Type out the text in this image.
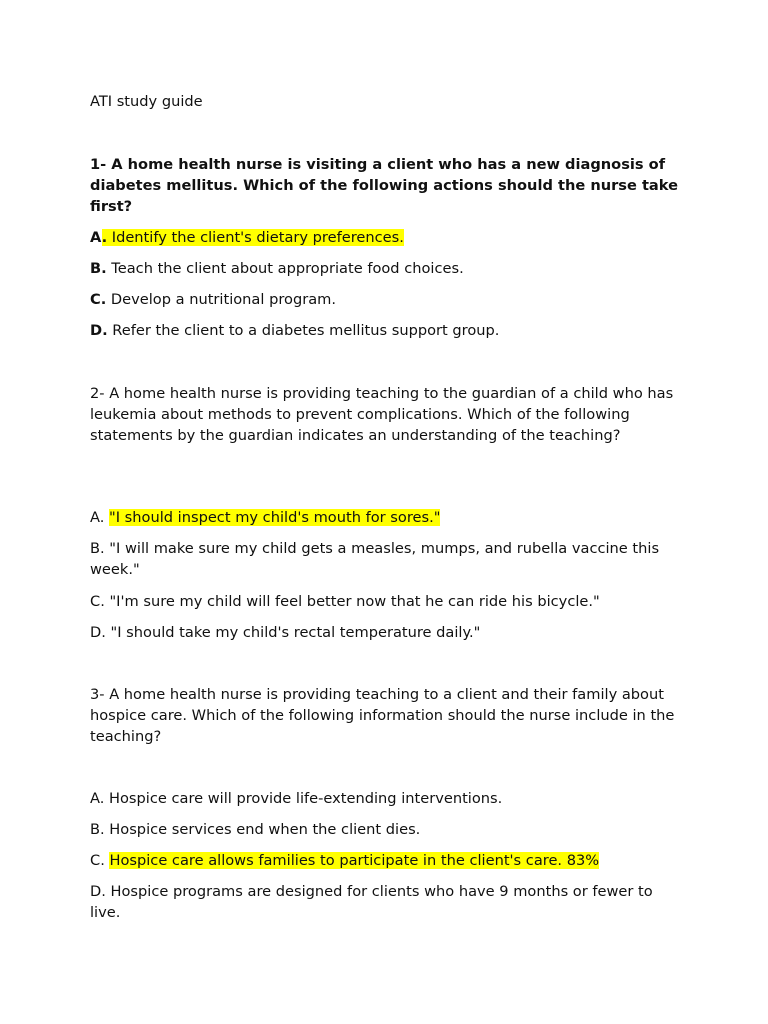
ATI study guide
1- A home health nurse is visiting a client who has a new diagnosis of diabetes mellitus. Which of the following actions should the nurse take first?
A. Identify the client's dietary preferences.
B. Teach the client about appropriate food choices.
C. Develop a nutritional program.
D. Refer the client to a diabetes mellitus support group.
2- A home health nurse is providing teaching to the guardian of a child who has leukemia about methods to prevent complications. Which of the following statements by the guardian indicates an understanding of the teaching?
A. "I should inspect my child's mouth for sores."
B. "I will make sure my child gets a measles, mumps, and rubella vaccine this week."
C. "I'm sure my child will feel better now that he can ride his bicycle."
D. "I should take my child's rectal temperature daily."
3- A home health nurse is providing teaching to a client and their family about hospice care. Which of the following information should the nurse include in the teaching?
A. Hospice care will provide life-extending interventions.
B. Hospice services end when the client dies.
C. Hospice care allows families to participate in the client's care. 83%
D. Hospice programs are designed for clients who have 9 months or fewer to live.
